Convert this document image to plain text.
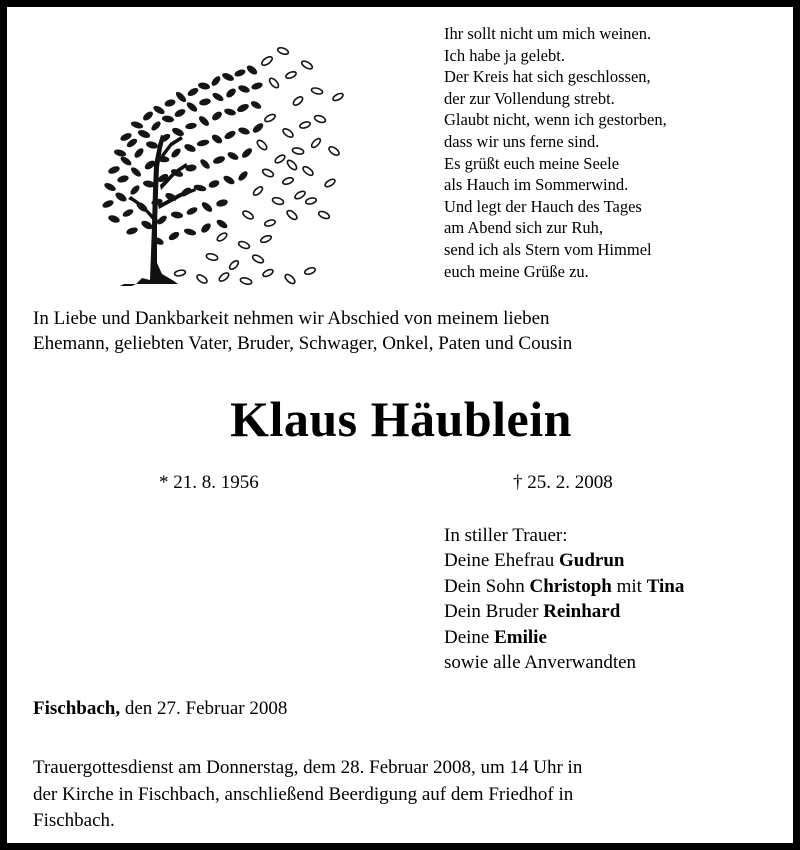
Ihr sollt nicht um mich weinen.
Ich habe ja gelebt.
Der Kreis hat sich geschlossen,
der zur Vollendung strebt.
Glaubt nicht, wenn ich gestorben,
dass wir uns ferne sind.
Es grüßt euch meine Seele
als Hauch im Sommerwind.
Und legt der Hauch des Tages
am Abend sich zur Ruh,
send ich als Stern vom Himmel
euch meine Grüße zu.
In Liebe und Dankbarkeit nehmen wir Abschied von meinem lieben
Ehemann, geliebten Vater, Bruder, Schwager, Onkel, Paten und Cousin
Klaus Häublein
* 21. 8. 1956	† 25. 2. 2008
In stiller Trauer:
Deine Ehefrau Gudrun
Dein Sohn Christoph mit Tina
Dein Bruder Reinhard
Deine Emilie
sowie alle Anverwandten
Fischbach, den 27. Februar 2008
Trauergottesdienst am Donnerstag, dem 28. Februar 2008, um 14 Uhr in
der Kirche in Fischbach, anschließend Beerdigung auf dem Friedhof in
Fischbach.
